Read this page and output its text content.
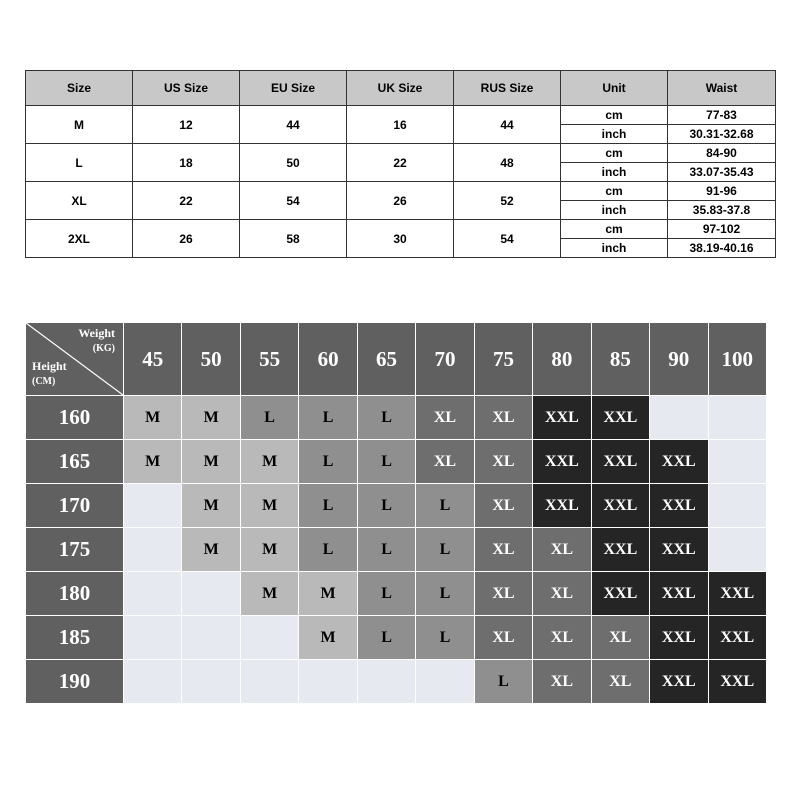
Size	US Size	EU Size	UK Size	RUS Size	Unit	Waist
M	12	44	16	44	cm	77-83
					inch	30.31-32.68
L	18	50	22	48	cm	84-90
					inch	33.07-35.43
XL	22	54	26	52	cm	91-96
					inch	35.83-37.8
2XL	26	58	30	54	cm	97-102
					inch	38.19-40.16
Weight
(KG)
Height
(CM)	45	50	55	60	65	70	75	80	85	90	100
160	M	M	L	L	L	XL	XL	XXL	XXL		
165	M	M	M	L	L	XL	XL	XXL	XXL	XXL	
170		M	M	L	L	L	XL	XXL	XXL	XXL	
175		M	M	L	L	L	XL	XL	XXL	XXL	
180			M	M	L	L	XL	XL	XXL	XXL	XXL
185				M	L	L	XL	XL	XL	XXL	XXL
190							L	XL	XL	XXL	XXL
